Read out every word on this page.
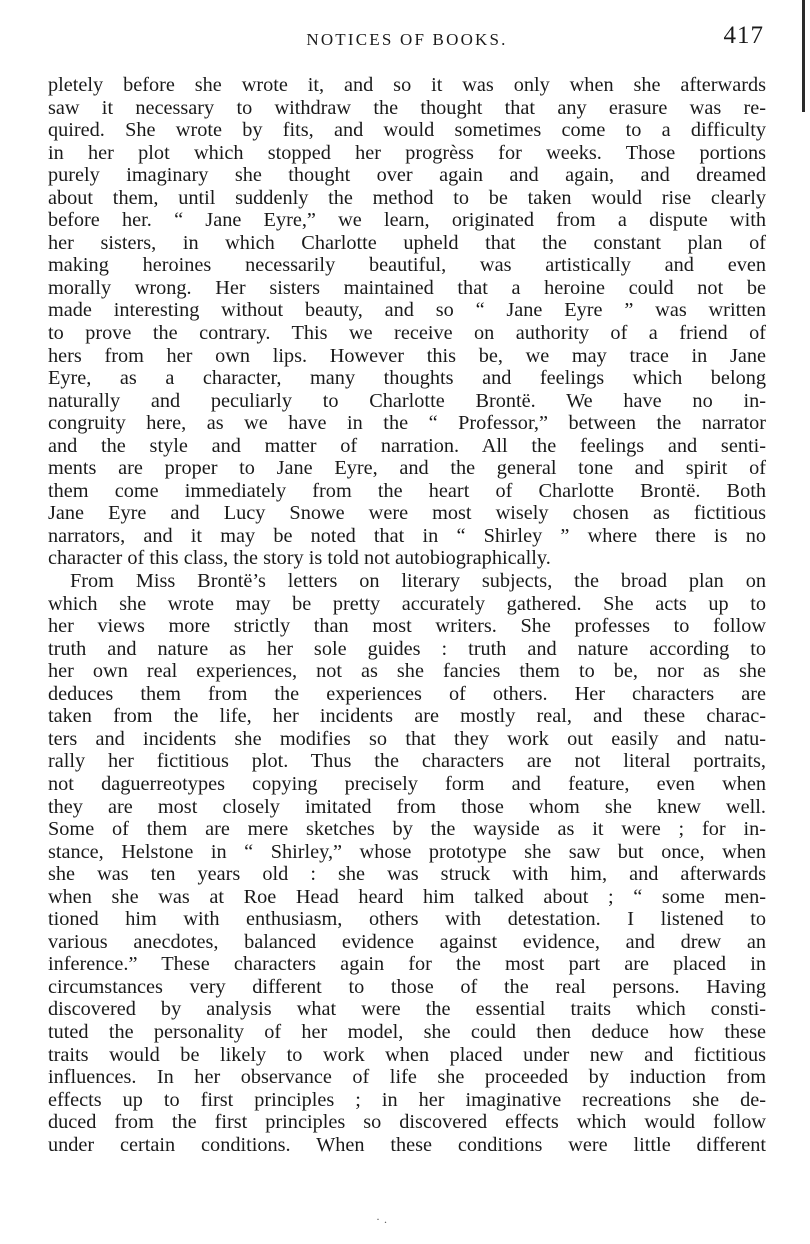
NOTICES OF BOOKS.	417
pletely before she wrote it, and so it was only when she afterwards
saw it necessary to withdraw the thought that any erasure was re-
quired. She wrote by fits, and would sometimes come to a difficulty
in her plot which stopped her progrèss for weeks. Those portions
purely imaginary she thought over again and again, and dreamed
about them, until suddenly the method to be taken would rise clearly
before her. “ Jane Eyre,” we learn, originated from a dispute with
her sisters, in which Charlotte upheld that the constant plan of
making heroines necessarily beautiful, was artistically and even
morally wrong. Her sisters maintained that a heroine could not be
made interesting without beauty, and so “ Jane Eyre ” was written
to prove the contrary. This we receive on authority of a friend of
hers from her own lips. However this be, we may trace in Jane
Eyre, as a character, many thoughts and feelings which belong
naturally and peculiarly to Charlotte Brontë. We have no in-
congruity here, as we have in the “ Professor,” between the narrator
and the style and matter of narration. All the feelings and senti-
ments are proper to Jane Eyre, and the general tone and spirit of
them come immediately from the heart of Charlotte Brontë. Both
Jane Eyre and Lucy Snowe were most wisely chosen as fictitious
narrators, and it may be noted that in “ Shirley ” where there is no
character of this class, the story is told not autobiographically.
From Miss Brontë’s letters on literary subjects, the broad plan on
which she wrote may be pretty accurately gathered. She acts up to
her views more strictly than most writers. She professes to follow
truth and nature as her sole guides : truth and nature according to
her own real experiences, not as she fancies them to be, nor as she
deduces them from the experiences of others. Her characters are
taken from the life, her incidents are mostly real, and these charac-
ters and incidents she modifies so that they work out easily and natu-
rally her fictitious plot. Thus the characters are not literal portraits,
not daguerreotypes copying precisely form and feature, even when
they are most closely imitated from those whom she knew well.
Some of them are mere sketches by the wayside as it were ; for in-
stance, Helstone in “ Shirley,” whose prototype she saw but once, when
she was ten years old : she was struck with him, and afterwards
when she was at Roe Head heard him talked about ; “ some men-
tioned him with enthusiasm, others with detestation. I listened to
various anecdotes, balanced evidence against evidence, and drew an
inference.” These characters again for the most part are placed in
circumstances very different to those of the real persons. Having
discovered by analysis what were the essential traits which consti-
tuted the personality of her model, she could then deduce how these
traits would be likely to work when placed under new and fictitious
influences. In her observance of life she proceeded by induction from
effects up to first principles ; in her imaginative recreations she de-
duced from the first principles so discovered effects which would follow
under certain conditions. When these conditions were little different
·.
